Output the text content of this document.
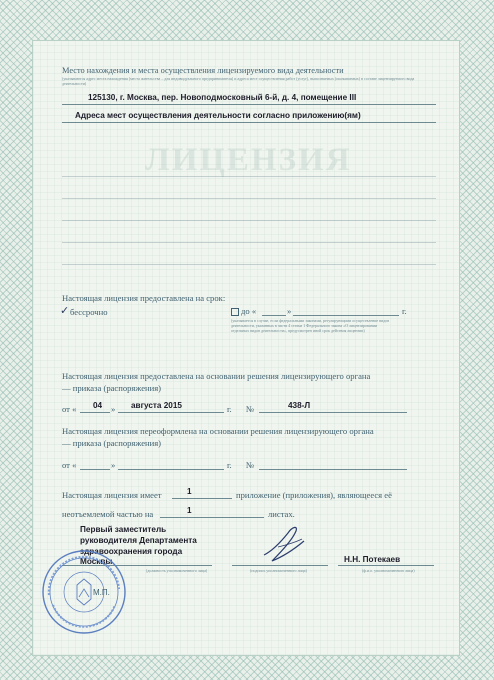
ЛИЦЕНЗИЯ
Место нахождения и места осуществления лицензируемого вида деятельности
(указываются адрес места нахождения (места жительства – для индивидуального предпринимателя) и адреса мест осуществления работ (услуг), выполняемых (оказываемых) в составе лицензируемого вида деятельности)
125130, г. Москва, пер. Новоподмосковный 6-й, д. 4, помещение III
Адреса мест осуществления деятельности согласно приложению(ям)
Настоящая лицензия предоставлена на срок:
✓ бессрочно	до «	»	г.
(указывается в случае, если федеральными законами, регулирующими осуществление видов деятельности, указанных в части 4 статьи 1 Федерального закона «О лицензировании отдельных видов деятельности», предусмотрен иной срок действия лицензии)
Настоящая лицензия предоставлена на основании решения лицензирующего органа
— приказа (распоряжения)
от « 04 » августа 2015	г. №	438-Л
Настоящая лицензия переоформлена на основании решения лицензирующего органа
— приказа (распоряжения)
от «	»	г. №
Настоящая лицензия имеет	1	приложение (приложения), являющееся её
неотъемлемой частью на	1	листах.
Первый заместитель
руководителя Департамента
здравоохранения города
Москвы	Н.Н. Потекаев
(должность уполномоченного лица)	(подпись уполномоченного лица)	(ф.и.о. уполномоченного лица)
М.П.
